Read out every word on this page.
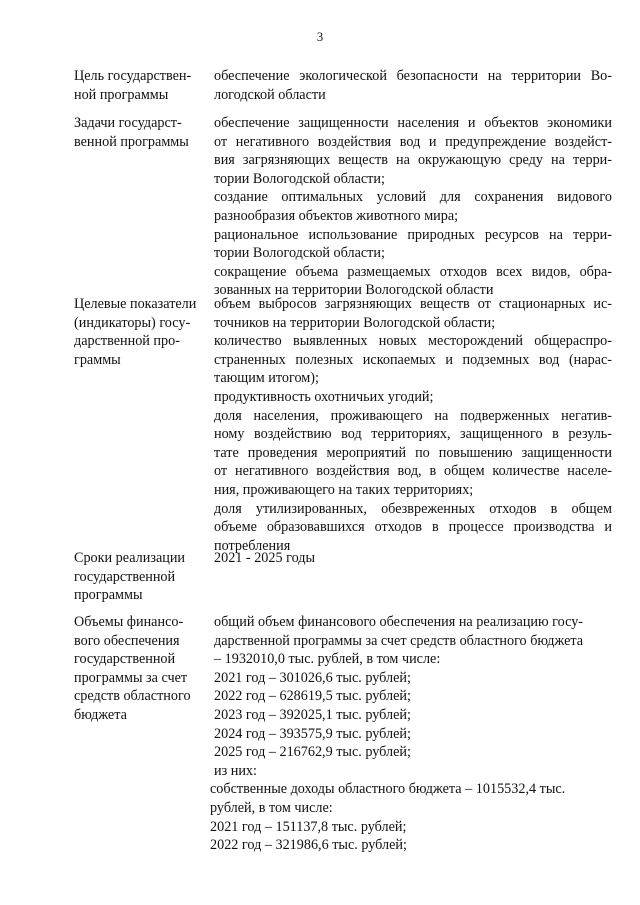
3
Цель государствен-
ной программы
обеспечение экологической безопасности на территории Во-
логодской области
Задачи государст-
венной программы
обеспечение защищенности населения и объектов экономики
от негативного воздействия вод и предупреждение воздейст-
вия загрязняющих веществ на окружающую среду на терри-
тории Вологодской области;
создание оптимальных условий для сохранения видового
разнообразия объектов животного мира;
рациональное использование природных ресурсов на терри-
тории Вологодской области;
сокращение объема размещаемых отходов всех видов, обра-
зованных на территории Вологодской области
Целевые показатели
(индикаторы) госу-
дарственной про-
граммы
объем выбросов загрязняющих веществ от стационарных ис-
точников на территории Вологодской области;
количество выявленных новых месторождений общераспро-
страненных полезных ископаемых и подземных вод (нарас-
тающим итогом);
продуктивность охотничьих угодий;
доля населения, проживающего на подверженных негатив-
ному воздействию вод территориях, защищенного в резуль-
тате проведения мероприятий по повышению защищенности
от негативного воздействия вод, в общем количестве населе-
ния, проживающего на таких территориях;
доля утилизированных, обезвреженных отходов в общем
объеме образовавшихся отходов в процессе производства и
потребления
Сроки реализации
государственной
программы
2021 - 2025 годы
Объемы финансо-
вого обеспечения
государственной
программы за счет
средств областного
бюджета
общий объем финансового обеспечения на реализацию госу-
дарственной программы за счет средств областного бюджета
– 1932010,0 тыс. рублей, в том числе:
2021 год – 301026,6 тыс. рублей;
2022 год – 628619,5 тыс. рублей;
2023 год – 392025,1 тыс. рублей;
2024 год – 393575,9 тыс. рублей;
2025 год – 216762,9 тыс. рублей;
из них:
собственные доходы областного бюджета – 1015532,4 тыс.
рублей, в том числе:
2021 год – 151137,8 тыс. рублей;
2022 год – 321986,6 тыс. рублей;
